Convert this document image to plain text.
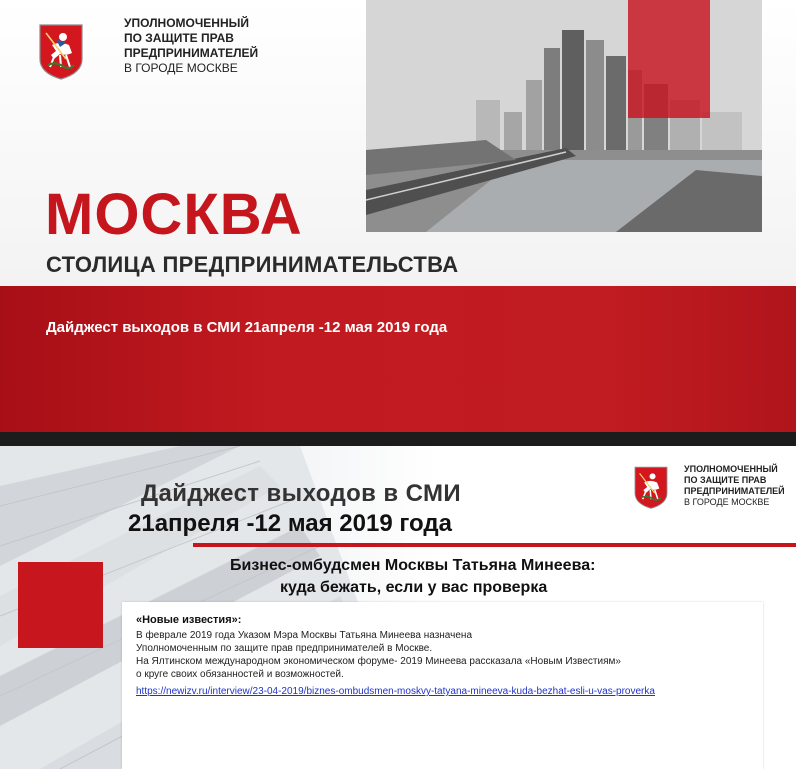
УПОЛНОМОЧЕННЫЙ
ПО ЗАЩИТЕ ПРАВ
ПРЕДПРИНИМАТЕЛЕЙ
В ГОРОДЕ МОСКВЕ
МОСКВА
СТОЛИЦА ПРЕДПРИНИМАТЕЛЬСТВА
Дайджест выходов в СМИ 21апреля -12 мая 2019 года
УПОЛНОМОЧЕННЫЙ
ПО ЗАЩИТЕ ПРАВ
ПРЕДПРИНИМАТЕЛЕЙ
В ГОРОДЕ МОСКВЕ
Дайджест выходов в СМИ
21апреля -12 мая 2019 года
Бизнес-омбудсмен Москвы Татьяна Минеева:
куда бежать, если у вас проверка
«Новые известия»:
В феврале 2019 года Указом Мэра Москвы Татьяна Минеева назначена
Уполномоченным по защите прав предпринимателей в Москве.
На Ялтинском международном экономическом форуме- 2019 Минеева рассказала «Новым Известиям»
о круге своих обязанностей и возможностей.
https://newizv.ru/interview/23-04-2019/biznes-ombudsmen-moskvy-tatyana-mineeva-kuda-bezhat-esli-u-vas-proverka
